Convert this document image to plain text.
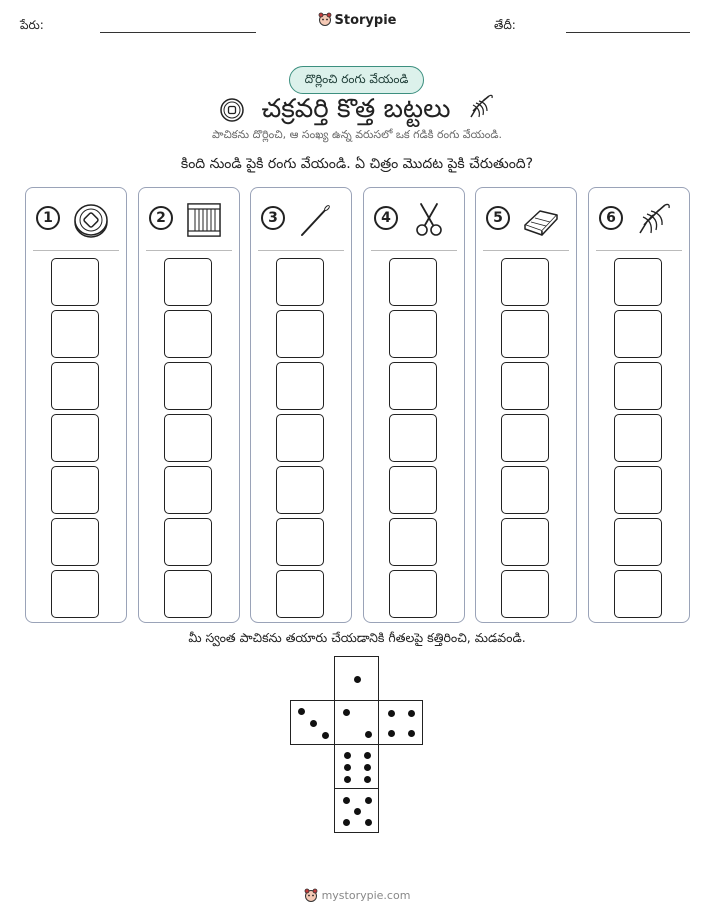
పేరు:	Storypie	తేదీ:
దొర్లించి రంగు వేయండి
చక్రవర్తి కొత్త బట్టలు
పాచికను దొర్లించి, ఆ సంఖ్య ఉన్న వరుసలో ఒక గడికి రంగు వేయండి.
కింది నుండి పైకి రంగు వేయండి. ఏ చిత్రం మొదట పైకి చేరుతుంది?
1	2	3	4	5	6
మీ స్వంత పాచికను తయారు చేయడానికి గీతలపై కత్తిరించి, మడవండి.
mystorypie.com
